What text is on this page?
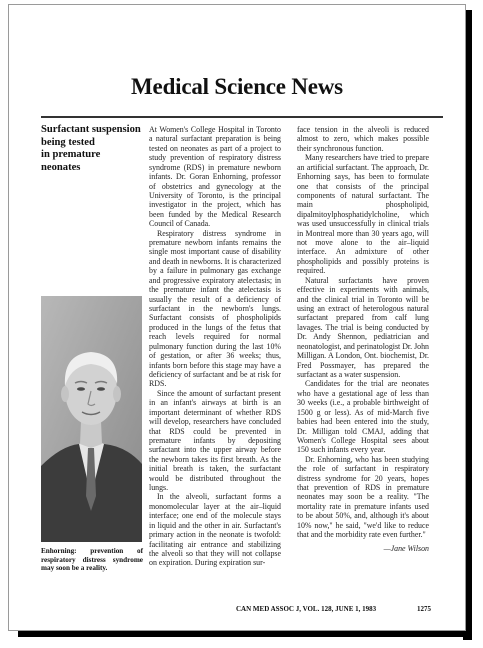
Medical Science News
Surfactant suspension
being tested
in premature neonates
Enhorning: prevention of respiratory distress syndrome may soon be a reality.

At Women's College Hospital in Toronto a natural surfactant preparation is being tested on neonates as part of a project to study prevention of respiratory distress syndrome (RDS) in premature newborn infants. Dr. Goran Enhorning, professor of obstetrics and gynecology at the University of Toronto, is the principal investigator in the project, which has been funded by the Medical Research Council of Canada.

Respiratory distress syndrome in premature newborn infants remains the single most important cause of disability and death in newborns. It is characterized by a failure in pulmonary gas exchange and progressive expiratory atelectasis; in the premature infant the atelectasis is usually the result of a deficiency of surfactant in the newborn's lungs. Surfactant consists of phospholipids produced in the lungs of the fetus that reach levels required for normal pulmonary function during the last 10% of gestation, or after 36 weeks; thus, infants born before this stage may have a deficiency of surfactant and be at risk for RDS.

Since the amount of surfactant present in an infant's airways at birth is an important determinant of whether RDS will develop, researchers have concluded that RDS could be prevented in premature infants by depositing surfactant into the upper airway before the newborn takes its first breath. As the initial breath is taken, the surfactant would be distributed throughout the lungs.

In the alveoli, surfactant forms a monomolecular layer at the air–liquid interface; one end of the molecule stays in liquid and the other in air. Surfactant's primary action in the neonate is twofold: facilitating air entrance and stabilizing the alveoli so that they will not collapse on expiration. During expiration sur-

face tension in the alveoli is reduced almost to zero, which makes possible their synchronous function.

Many researchers have tried to prepare an artificial surfactant. The approach, Dr. Enhorning says, has been to formulate one that consists of the principal components of natural surfactant. The main phospholipid, dipalmitoylphosphatidylcholine, which was used unsuccessfully in clinical trials in Montreal more than 30 years ago, will not move alone to the air–liquid interface. An admixture of other phospholipids and possibly proteins is required.

Natural surfactants have proven effective in experiments with animals, and the clinical trial in Toronto will be using an extract of heterologous natural surfactant prepared from calf lung lavages. The trial is being conducted by Dr. Andy Shennon, pediatrician and neonatologist, and perinatologist Dr. John Milligan. A London, Ont. biochemist, Dr. Fred Possmayer, has prepared the surfactant as a water suspension.

Candidates for the trial are neonates who have a gestational age of less than 30 weeks (i.e., a probable birthweight of 1500 g or less). As of mid-March five babies had been entered into the study, Dr. Milligan told CMAJ, adding that Women's College Hospital sees about 150 such infants every year.

Dr. Enhorning, who has been studying the role of surfactant in respiratory distress syndrome for 20 years, hopes that prevention of RDS in premature neonates may soon be a reality. "The mortality rate in premature infants used to be about 50%, and, although it's about 10% now," he said, "we'd like to reduce that and the morbidity rate even further."

—Jane Wilson
CAN MED ASSOC J, VOL. 128, JUNE 1, 1983	1275
